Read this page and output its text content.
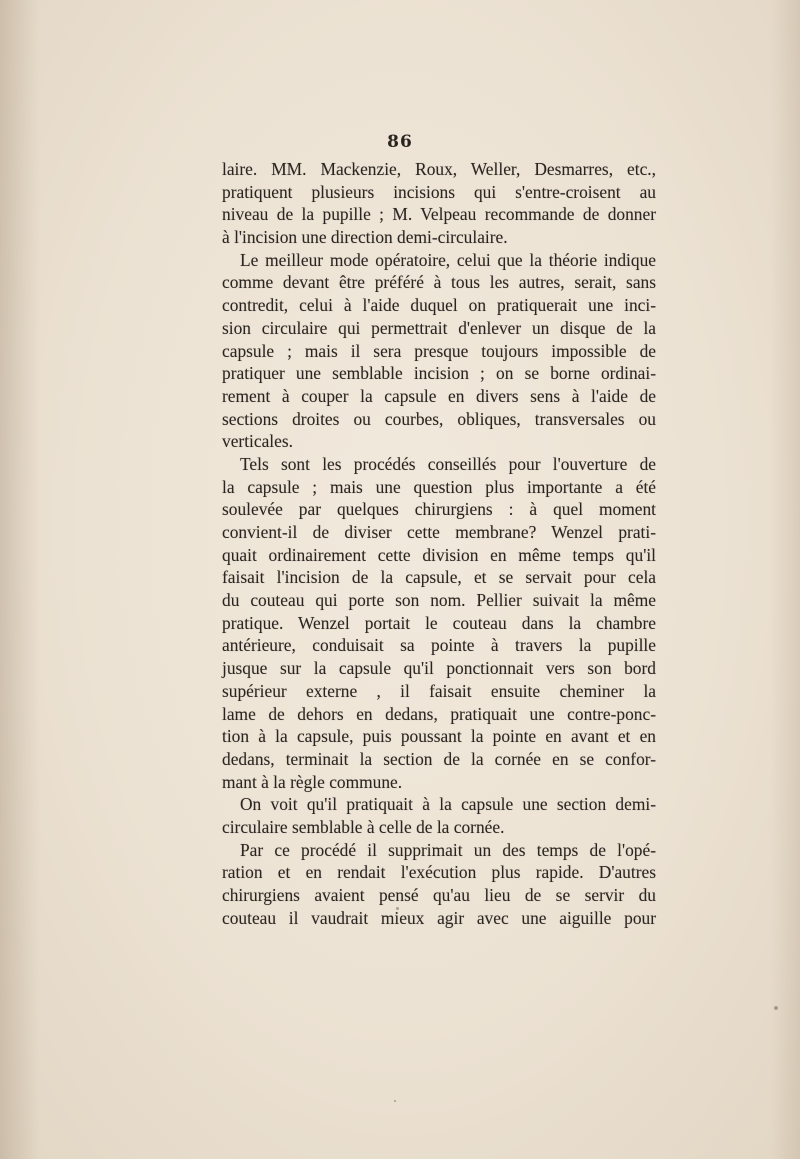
86
laire. MM. Mackenzie, Roux, Weller, Desmarres, etc.,
pratiquent plusieurs incisions qui s'entre-croisent au
niveau de la pupille ; M. Velpeau recommande de donner
à l'incision une direction demi-circulaire.
Le meilleur mode opératoire, celui que la théorie indique
comme devant être préféré à tous les autres, serait, sans
contredit, celui à l'aide duquel on pratiquerait une inci-
sion circulaire qui permettrait d'enlever un disque de la
capsule ; mais il sera presque toujours impossible de
pratiquer une semblable incision ; on se borne ordinai-
rement à couper la capsule en divers sens à l'aide de
sections droites ou courbes, obliques, transversales ou
verticales.
Tels sont les procédés conseillés pour l'ouverture de
la capsule ; mais une question plus importante a été
soulevée par quelques chirurgiens : à quel moment
convient-il de diviser cette membrane? Wenzel prati-
quait ordinairement cette division en même temps qu'il
faisait l'incision de la capsule, et se servait pour cela
du couteau qui porte son nom. Pellier suivait la même
pratique. Wenzel portait le couteau dans la chambre
antérieure, conduisait sa pointe à travers la pupille
jusque sur la capsule qu'il ponctionnait vers son bord
supérieur externe , il faisait ensuite cheminer la
lame de dehors en dedans, pratiquait une contre-ponc-
tion à la capsule, puis poussant la pointe en avant et en
dedans, terminait la section de la cornée en se confor-
mant à la règle commune.
On voit qu'il pratiquait à la capsule une section demi-
circulaire semblable à celle de la cornée.
Par ce procédé il supprimait un des temps de l'opé-
ration et en rendait l'exécution plus rapide. D'autres
chirurgiens avaient pensé qu'au lieu de se servir du
couteau il vaudrait mieux agir avec une aiguille pour
